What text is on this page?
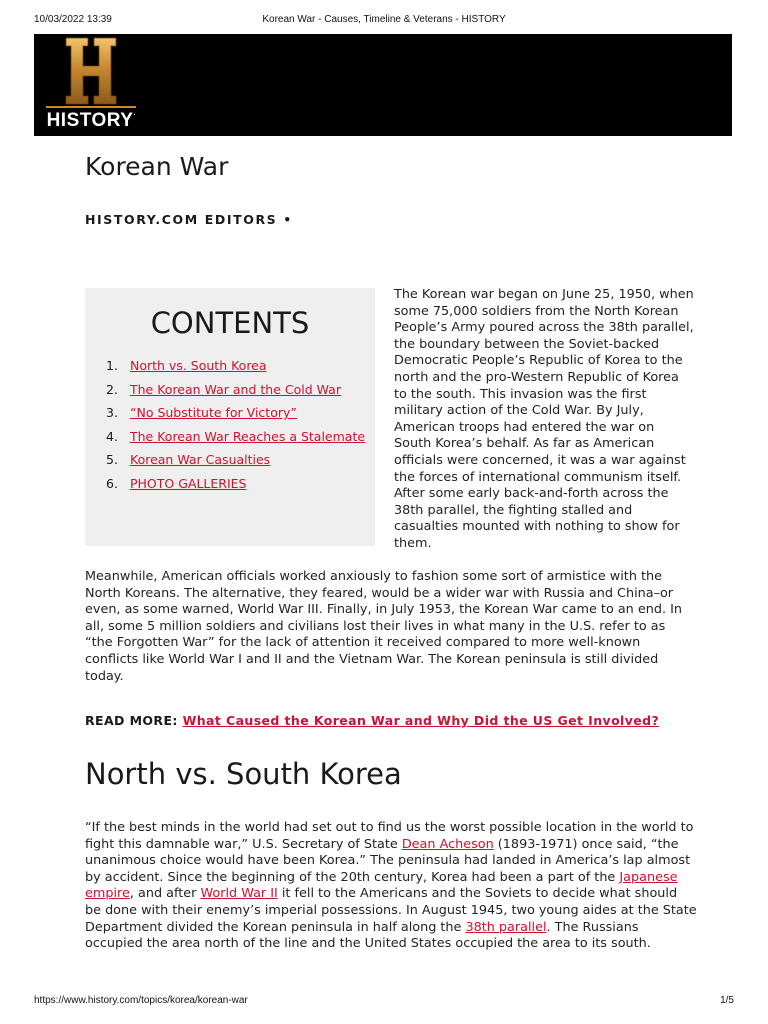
10/03/2022 13:39	Korean War - Causes, Timeline & Veterans - HISTORY
HISTORY.
Korean War

HISTORY.COM EDITORS •

CONTENTS
1. North vs. South Korea
2. The Korean War and the Cold War
3. “No Substitute for Victory”
4. The Korean War Reaches a Stalemate
5. Korean War Casualties
6. PHOTO GALLERIES

The Korean war began on June 25, 1950, when some 75,000 soldiers from the North Korean People’s Army poured across the 38th parallel, the boundary between the Soviet-backed Democratic People’s Republic of Korea to the north and the pro-Western Republic of Korea to the south. This invasion was the first military action of the Cold War. By July, American troops had entered the war on South Korea’s behalf. As far as American officials were concerned, it was a war against the forces of international communism itself. After some early back-and-forth across the 38th parallel, the fighting stalled and casualties mounted with nothing to show for them.

Meanwhile, American officials worked anxiously to fashion some sort of armistice with the North Koreans. The alternative, they feared, would be a wider war with Russia and China–or even, as some warned, World War III. Finally, in July 1953, the Korean War came to an end. In all, some 5 million soldiers and civilians lost their lives in what many in the U.S. refer to as “the Forgotten War” for the lack of attention it received compared to more well-known conflicts like World War I and II and the Vietnam War. The Korean peninsula is still divided today.

READ MORE: What Caused the Korean War and Why Did the US Get Involved?

North vs. South Korea

“If the best minds in the world had set out to find us the worst possible location in the world to fight this damnable war,” U.S. Secretary of State Dean Acheson (1893-1971) once said, “the unanimous choice would have been Korea.” The peninsula had landed in America’s lap almost by accident. Since the beginning of the 20th century, Korea had been a part of the Japanese empire, and after World War II it fell to the Americans and the Soviets to decide what should be done with their enemy’s imperial possessions. In August 1945, two young aides at the State Department divided the Korean peninsula in half along the 38th parallel. The Russians occupied the area north of the line and the United States occupied the area to its south.

https://www.history.com/topics/korea/korean-war	1/5
